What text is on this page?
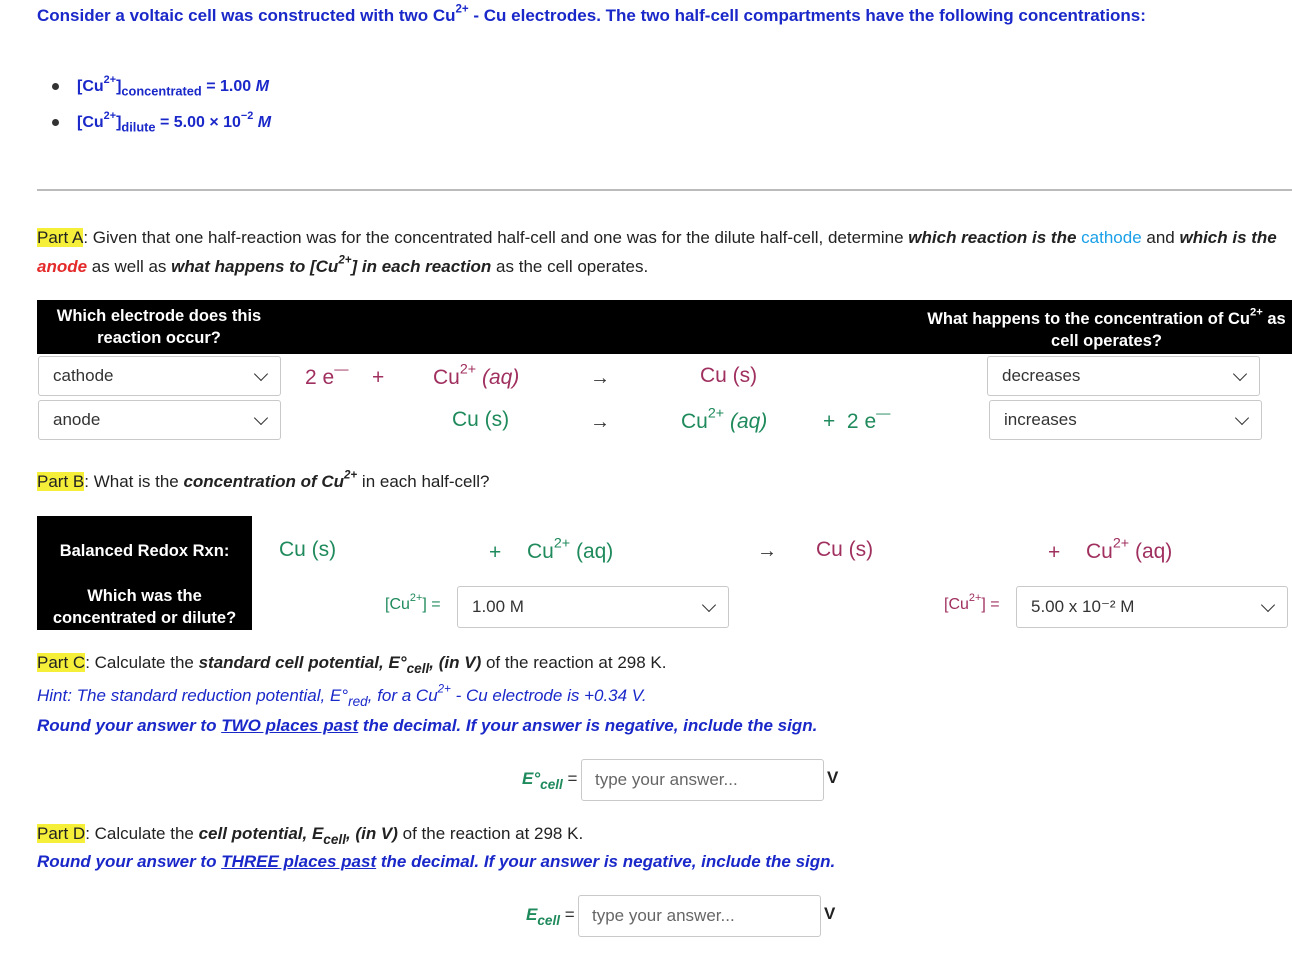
Consider a voltaic cell was constructed with two $Cu^{2+}$ - Cu electrodes. The two half-cell compartments have the following concentrations:
$[Cu^{2+}]_{concentrated} = 1.00$ M
$[Cu^{2+}]_{dilute} = 5.00 \times 10^{-2}$ M
Part A: Given that one half-reaction was for the concentrated half-cell and one was for the dilute half-cell, determine which reaction is the cathode and which is the
anode as well as what happens to $[Cu^{2+}]$ in each reaction as the cell operates.
Which electrode does this
reaction occur?
What happens to the concentration of $Cu^{2+}$ as
cell operates?
cathode	2 $e^— + Cu^{2+}$ (aq)	→	Cu (s)	decreases
anode	Cu (s)	→	$Cu^{2+}$ (aq)	+  2 e—	increases
Part B: What is the concentration of $Cu^{2+}$ in each half-cell?
Balanced Redox Rxn:
Which was the
concentrated or dilute?
Cu (s)	+ $Cu^{2+}$ (aq)	→ Cu (s)	+ $Cu^{2+}$ (aq)
$[Cu^{2+}] = 1.00$ M	$[Cu^{2+}] = 5.00$ x 10⁻² M
Part C: Calculate the standard cell potential, $E^\circ_{cell}$, (in V) of the reaction at 298 K.
Hint: The standard reduction potential, $E^\circ_{red}$, for a $Cu^{2+}$ - Cu electrode is +0.34 V.
Round your answer to TWO places past the decimal. If your answer is negative, include the sign.
$E^\circ_{cell}$ = type your answer...	V
Part D: Calculate the cell potential, $E_{cell}$, (in V) of the reaction at 298 K.
Round your answer to THREE places past the decimal. If your answer is negative, include the sign.
$E_{cell}$ = type your answer...	V
